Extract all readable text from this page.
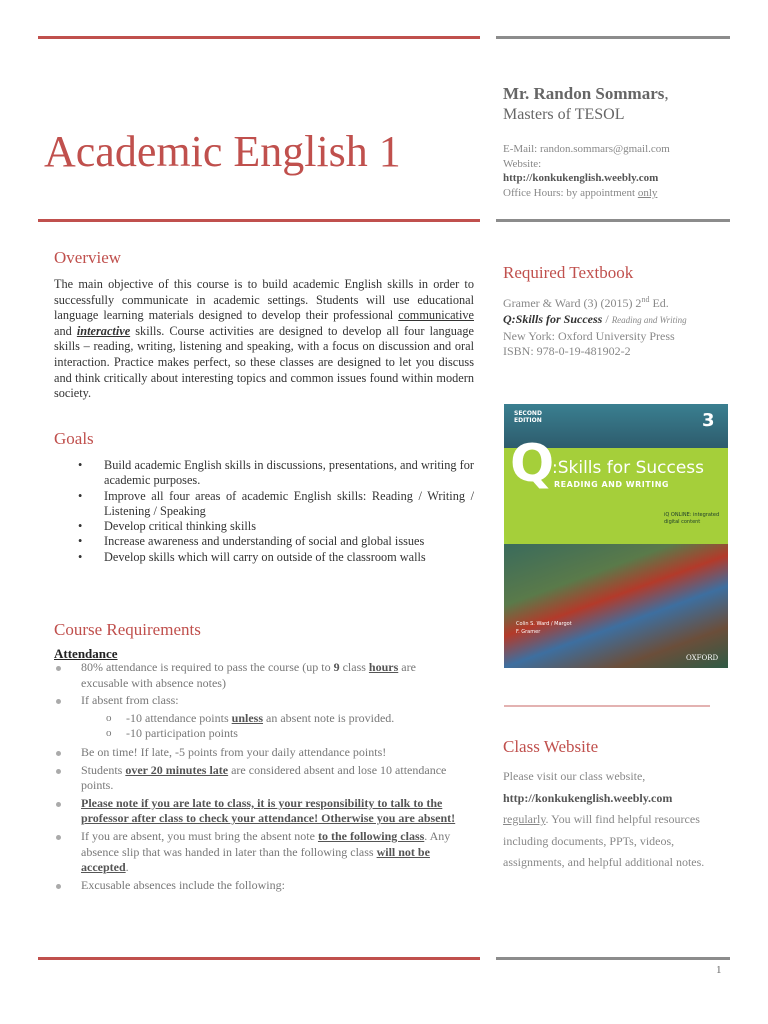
Academic English 1
Mr. Randon Sommars,
Masters of TESOL
E-Mail: randon.sommars@gmail.com
Website:
http://konkukenglish.weebly.com
Office Hours: by appointment only
Overview
The main objective of this course is to build academic English skills in order to successfully communicate in academic settings. Students will use educational language learning materials designed to develop their professional communicative and interactive skills. Course activities are designed to develop all four language skills – reading, writing, listening and speaking, with a focus on discussion and oral interaction. Practice makes perfect, so these classes are designed to let you discuss and think critically about interesting topics and common issues found within modern society.
Goals
• Build academic English skills in discussions, presentations, and writing for academic purposes.
• Improve all four areas of academic English skills: Reading / Writing / Listening / Speaking
• Develop critical thinking skills
• Increase awareness and understanding of social and global issues
• Develop skills which will carry on outside of the classroom walls
Course Requirements
Attendance
80% attendance is required to pass the course (up to 9 class hours are excusable with absence notes)
If absent from class:
o -10 attendance points unless an absent note is provided.
o -10 participation points
Be on time! If late, -5 points from your daily attendance points!
Students over 20 minutes late are considered absent and lose 10 attendance points.
Please note if you are late to class, it is your responsibility to talk to the professor after class to check your attendance! Otherwise you are absent!
If you are absent, you must bring the absent note to the following class. Any absence slip that was handed in later than the following class will not be accepted.
Excusable absences include the following:
Required Textbook
Gramer & Ward (3) (2015) 2nd Ed.
Q:Skills for Success / Reading and Writing
New York: Oxford University Press
ISBN: 978-0-19-481902-2
SECOND EDITION	3
Q
:Skills for Success
READING AND WRITING
iQ ONLINE: integrated digital content
Colin S. Ward / Margot F. Gramer
OXFORD
Class Website
Please visit our class website,
http://konkukenglish.weebly.com
regularly. You will find helpful resources including documents, PPTs, videos, assignments, and helpful additional notes.
1
